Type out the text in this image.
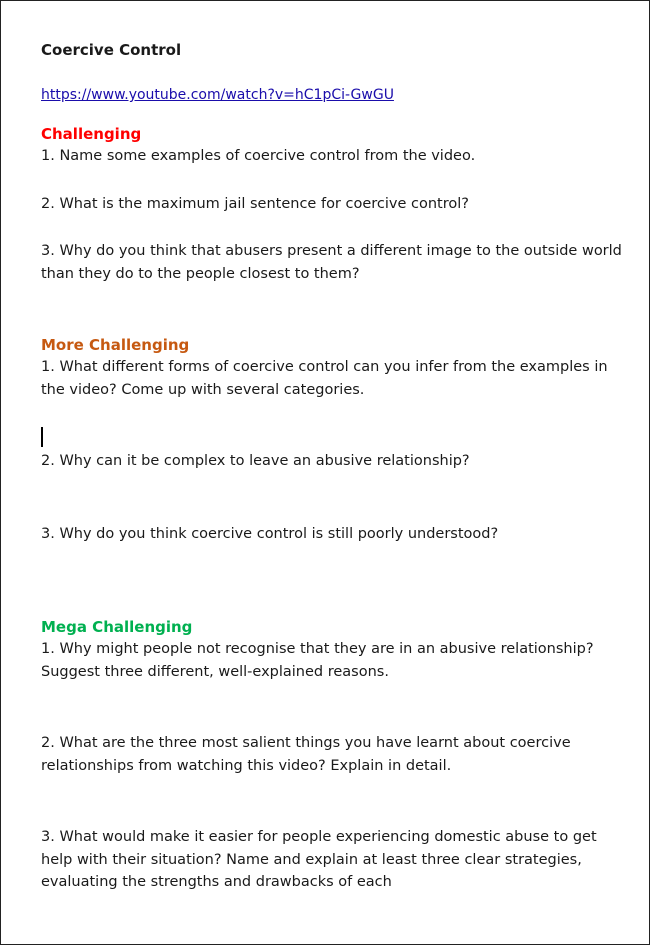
Coercive Control
https://www.youtube.com/watch?v=hC1pCi-GwGU
Challenging

1. Name some examples of coercive control from the video.

2. What is the maximum jail sentence for coercive control?

3. Why do you think that abusers present a different image to the outside world than they do to the people closest to them?

More Challenging

1. What different forms of coercive control can you infer from the examples in the video? Come up with several categories.

2. Why can it be complex to leave an abusive relationship?

3. Why do you think coercive control is still poorly understood?

Mega Challenging

1. Why might people not recognise that they are in an abusive relationship? Suggest three different, well-explained reasons.

2. What are the three most salient things you have learnt about coercive relationships from watching this video? Explain in detail.

3. What would make it easier for people experiencing domestic abuse to get help with their situation? Name and explain at least three clear strategies, evaluating the strengths and drawbacks of each
